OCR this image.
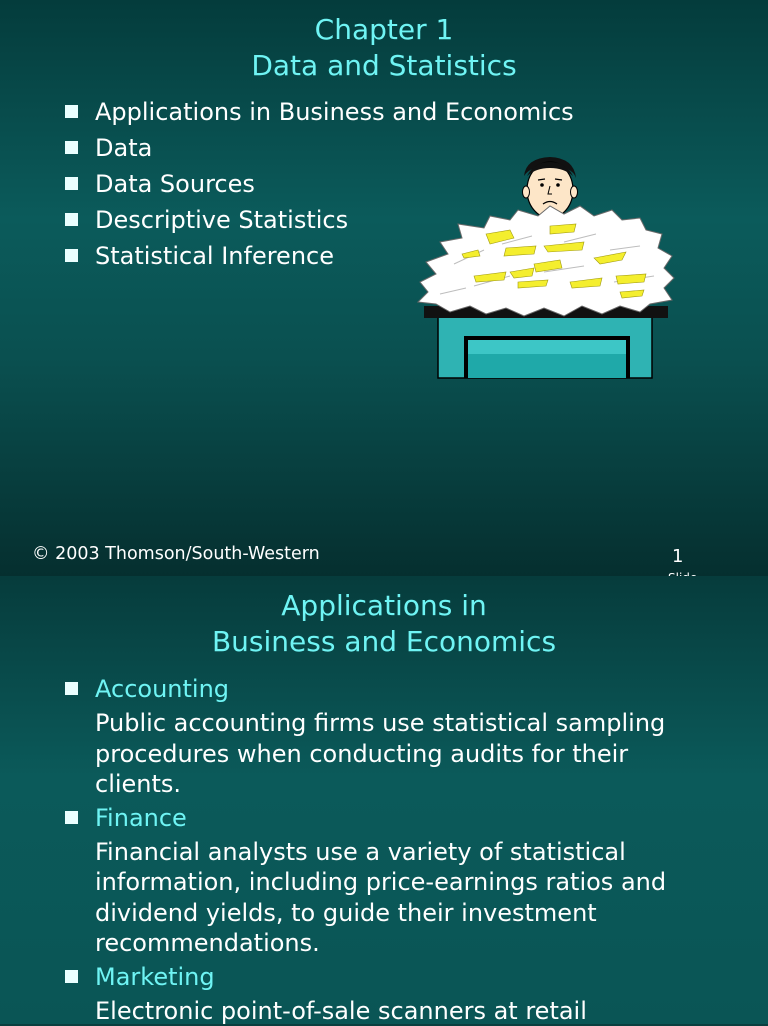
Chapter 1
Data and Statistics
Applications in Business and Economics
Data
Data Sources
Descriptive Statistics
Statistical Inference
© 2003 Thomson/South-Western	1
Applications in
Business and Economics
Accounting
Public accounting firms use statistical sampling procedures when conducting audits for their clients.
Finance
Financial analysts use a variety of statistical information, including price-earnings ratios and dividend yields, to guide their investment recommendations.
Marketing
Electronic point-of-sale scanners at retail
